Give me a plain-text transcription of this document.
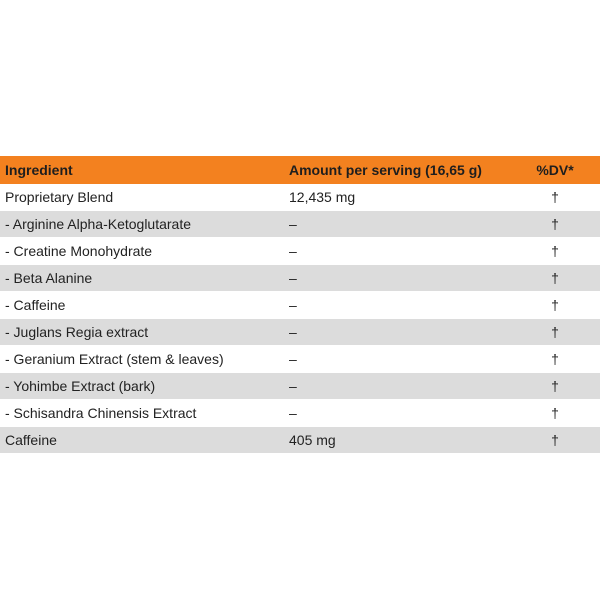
Ingredient	Amount per serving (16,65 g)	%DV*
Proprietary Blend	12,435 mg	†
- Arginine Alpha-Ketoglutarate	–	†
- Creatine Monohydrate	–	†
- Beta Alanine	–	†
- Caffeine	–	†
- Juglans Regia extract	–	†
- Geranium Extract (stem & leaves)	–	†
- Yohimbe Extract (bark)	–	†
- Schisandra Chinensis Extract	–	†
Caffeine	405 mg	†
